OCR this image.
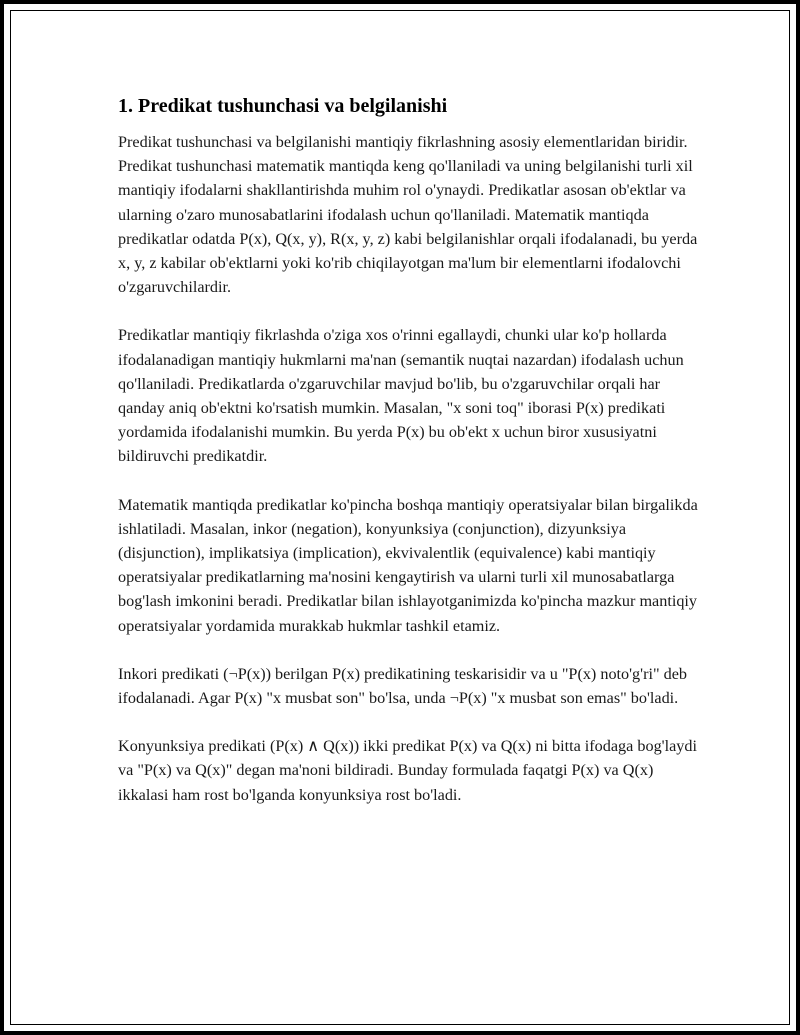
1. Predikat tushunchasi va belgilanishi

Predikat tushunchasi va belgilanishi mantiqiy fikrlashning asosiy elementlaridan biridir. Predikat tushunchasi matematik mantiqda keng qo'llaniladi va uning belgilanishi turli xil mantiqiy ifodalarni shakllantirishda muhim rol o'ynaydi. Predikatlar asosan ob'ektlar va ularning o'zaro munosabatlarini ifodalash uchun qo'llaniladi. Matematik mantiqda predikatlar odatda P(x), Q(x, y), R(x, y, z) kabi belgilanishlar orqali ifodalanadi, bu yerda x, y, z kabilar ob'ektlarni yoki ko'rib chiqilayotgan ma'lum bir elementlarni ifodalovchi o'zgaruvchilardir.

Predikatlar mantiqiy fikrlashda o'ziga xos o'rinni egallaydi, chunki ular ko'p hollarda ifodalanadigan mantiqiy hukmlarni ma'nan (semantik nuqtai nazardan) ifodalash uchun qo'llaniladi. Predikatlarda o'zgaruvchilar mavjud bo'lib, bu o'zgaruvchilar orqali har qanday aniq ob'ektni ko'rsatish mumkin. Masalan, "x soni toq" iborasi P(x) predikati yordamida ifodalanishi mumkin. Bu yerda P(x) bu ob'ekt x uchun biror xususiyatni bildiruvchi predikatdir.

Matematik mantiqda predikatlar ko'pincha boshqa mantiqiy operatsiyalar bilan birgalikda ishlatiladi. Masalan, inkor (negation), konyunksiya (conjunction), dizyunksiya (disjunction), implikatsiya (implication), ekvivalentlik (equivalence) kabi mantiqiy operatsiyalar predikatlarning ma'nosini kengaytirish va ularni turli xil munosabatlarga bog'lash imkonini beradi. Predikatlar bilan ishlayotganimizda ko'pincha mazkur mantiqiy operatsiyalar yordamida murakkab hukmlar tashkil etamiz.

Inkori predikati (¬P(x)) berilgan P(x) predikatining teskarisidir va u "P(x) noto'g'ri" deb ifodalanadi. Agar P(x) "x musbat son" bo'lsa, unda ¬P(x) "x musbat son emas" bo'ladi.

Konyunksiya predikati (P(x) ∧ Q(x)) ikki predikat P(x) va Q(x) ni bitta ifodaga bog'laydi va "P(x) va Q(x)" degan ma'noni bildiradi. Bunday formulada faqatgi P(x) va Q(x) ikkalasi ham rost bo'lganda konyunksiya rost bo'ladi.
